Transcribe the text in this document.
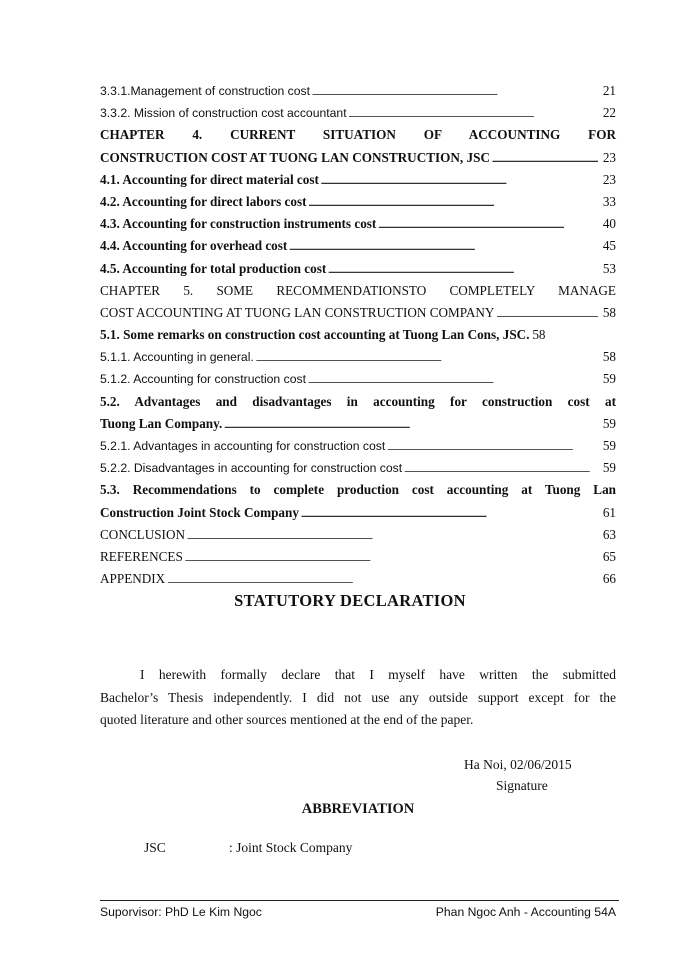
3.3.1.Management of construction cost . . .	21
3.3.2. Mission of construction cost accountant . . .	22
CHAPTER 4. CURRENT SITUATION OF ACCOUNTING FOR
CONSTRUCTION COST AT TUONG LAN CONSTRUCTION, JSC . . .	23
4.1. Accounting for direct material cost . . .	23
4.2. Accounting for direct labors cost . . .	33
4.3. Accounting for construction instruments cost . . .	40
4.4. Accounting for overhead cost . . .	45
4.5. Accounting for total production cost . . .	53
CHAPTER 5. SOME RECOMMENDATIONSTO COMPLETELY MANAGE
COST ACCOUNTING AT TUONG LAN CONSTRUCTION COMPANY . . .	58
5.1. Some remarks on construction cost accounting at Tuong Lan Cons, JSC. 58
5.1.1. Accounting in general. . . .	58
5.1.2. Accounting for construction cost . . .	59
5.2. Advantages and disadvantages in accounting for construction cost at
Tuong Lan Company. . . .	59
5.2.1. Advantages in accounting for construction cost . . .	59
5.2.2. Disadvantages in accounting for construction cost . . .	59
5.3. Recommendations to complete production cost accounting at Tuong Lan
Construction Joint Stock Company . . .	61
CONCLUSION . . .	63
REFERENCES . . .	65
APPENDIX . . .	66
STATUTORY DECLARATION
I herewith formally declare that I myself have written the submitted
Bachelor’s Thesis independently. I did not use any outside support except for the
quoted literature and other sources mentioned at the end of the paper.
Ha Noi, 02/06/2015
Signature
ABBREVIATION
JSC	: Joint Stock Company
Suporvisor: PhD Le Kim Ngoc	Phan Ngoc Anh - Accounting 54A
